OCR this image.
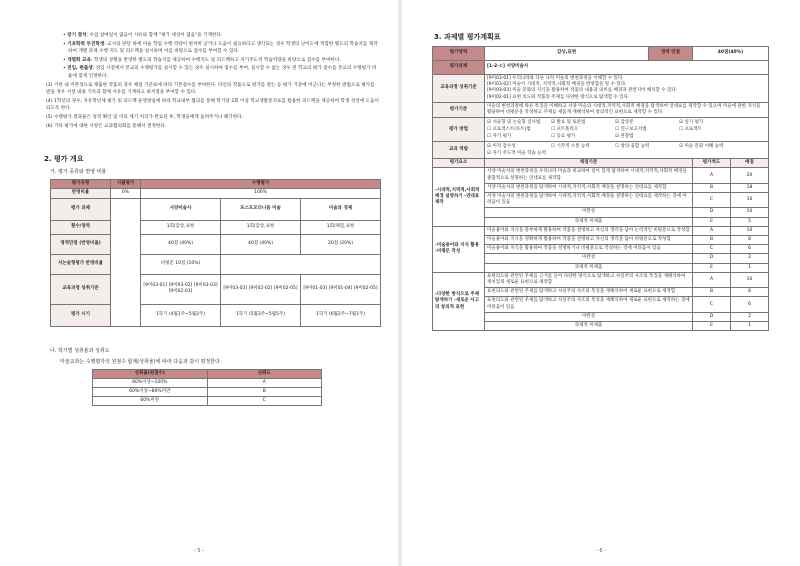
• 장기 결석: 수업 참여일이 없음이 사유와 함께 "평가 대상이 없음"을 기재한다.
• 기초학력 부진학생: 교사의 판단 하에 미술 학업 수행 역량이 현저히 낮거나 도움이 필요하다고 생각되는 경우 학생의 난이도에 적합한 별도의 학습지를 제작하여 개별 과제 수행 지도 및 피드백을 일시하며 이를 바탕으로 점수를 부여할 수 있다.
• 개별화 교육: 학생의 상황을 반영한 별도의 학습지를 제공하여 수행지도 및 피드백하고 자기주도적 학습역량을 바탕으로 점수를 부여한다.
• 전입, 편출생: 전입 시점에서 본교의 수행평가를 실시할 수 있는 경우 실시하여 점수를 부여, 실시할 수 없는 경우 전 학교의 평가 점수를 본교의 수행평가 비율에 맞게 인정한다.
(3) 기한 내 미완성으로 제출한 작품의 경우 채점 기준표에 따라 기본점수를 부여한다. 타인의 작품으로 평가를 받는 등 평가 기준에 어긋나는 부정한 방법으로 평가를 받을 경우 서설 내용 기록과 함께 사유를 기재하고 최저점을 부여할 수 있다.
(4) 1학년의 경우, 자유학년제 평가 및 피드백 운영방침에 따라 학교내부 협의를 통해 학기당 2회 이상 학교생활통지표를 활용한 피드백을 제공하여 학생 성장에 도움이 되도록 한다.
(5) 수행평가 결과물은 성적 확인 및 이의 제기 처리가 완료된 후, 학생들에게 돌려주거나 폐기한다.
(6) 기타 평가에 대한 사항은 교과협의회를 통해서 결정한다.
2. 평가 개요
가. 평가 종류와 반영 비율
평가유형	지필평가	수행평가		
반영비율	0%	100%		
평가 과제		서양미술사	포스트모더니즘 미술	미술과 경제
횟수/영역		1회/감상,표현	1회/감상,표현	1회/체험,표현
영역만점 (반영비율)		40점 (40%)	40점 (40%)	20점 (20%)
서논술형평가 반영비율		비평문 10점 (10%)		
교육과정 성취기준		[9미03-01] [9미03-02] [9미03-03] [9미02-01]	[9미03-03] [9미02-02] [9미02-05]	[9미01-03] [9미01-04] [9미02-05]
평가 시기		1학기 (4월1주~5월2주)	1학기 (5월3주~5월5주)	1학기 (6월2주~7월1주)
나. 학기별 성취율과 성취도
미술교과는 수행평가의 원점수 합계(성취율)에 따라 다음과 같이 평정한다
성취율(원점수)	성취도
80%이상~100%	A
60%이상~80%미만	B
60%미만	C
- 5 -
3. 과제별 평가계획표
평가영역	감상,표현	영역 만점	40점(40%)	
평가과제	[1-2-①] 서양미술사			
교육과정 성취기준	[9미03-01] 우리나라와 다른 나라 미술의 변천과정을 이해할 수 있다.
[9미03-02] 미술이 시대적, 지역적,사회적 배경을 반영함을 알 수 있다.
[9미03-03] 미술 문화의 지식을 활용하여 작품의 내용과 의미를 배경과 관련지어 해석할 수 있다.
[9미02-01] 표현 의도와 작품의 주제를 다양한 방식으로 탐색할 수 있다.			

평가기준	미술의 변천과정에 따른 특징을 이해하고 서양 미술의 시대적,지역적,사회적 배경을 탐색하여 연대표를 제작할 수 있으며 미술에 관한 지식을 활용하여 비평문을 작성하고 주제를 새롭게 재해석하여 창의적인 표현으로 제작할 수 있다.			
평가 방법	☑ 서술형 및 논술형 검사법 ☑ 발표 및 토론법 ☑ 감상문 ☑ 실기 평가☐ 프로젝스트(포트)법 ☐ 포트폴리오 ☐ 연구보고서법 ☐ 프로젝트☐ 자기 평가 ☐ 동료 평가 ☑ 관찰법			
교과 역량	☑ 미적 감수성 ☐ 시각적 소통 능력 ☐ 창의·융합 능력 ☑ 미술 문화 이해 능력☑ 자기 주도적 미술 학습 능력			
평가요소	채점기준		평가척도	배점
-시대적,지역적,사회적 배경 설명하기 -연대표 제작	서양 미술사의 변천과정을 우리나라 미술과 비교하여 깊이 있게 탐색하여 시대적,지역적,사회적 배경을 종합적으로 설명하는 연대표를 제작함		A	20
	서양 미술사의 변천과정을 탐색하여 시대적,지역적,사회적 배경을 설명하는 연대표를 제작함		B	18
	서양 미술사의 변천과정을 탐색하여 시대적,지역적,사회적 배경을 설명하는 연대표를 제작하는 것에 어려움이 있음		C	16
	미완성		D	10
	과제적 미제출		E	5
-미술용어와 지식 활용 -비평문 작성	미술용어와 지식을 풍부하게 활용하여 작품을 설명하고 자신의 생각을 담아 논리적인 비평문으로 작성함		A	10
	미술용어와 지식을 정확하게 활용하여 작품을 설명하고 자신의 생각을 담아 비평문으로 작성함		B	8
	미술용어와 지식을 활용하여 작품을 설명하거나 비평문으로 작성하는 것에 어려움이 있음		C	6
	미완성		D	2
	과제적 미제출		E	1
-다양한 방식으로 주제 탐색하기 -새로운 사고의 창의적 표현	표현의도와 관련된 주제를 근거를 들어 다양한 방식으로 탐색하고 사실주의 사조의 특징을 재해석하여 재치있게 새로운 표현으로 제작함		A	10
	표현의도와 관련된 주제를 탐색하고 사실주의 사조의 특징을 재해석하여 새로운 표현으로 제작함		B	8
	표현의도와 관련된 주제를 탐색하고 사실주의 사조의 특징을 재해석하여 새로운 표현으로 제작하는 것에 어려움이 있음		C	6
	미완성		D	2
	과제적 미제출		E	1
- 6 -
